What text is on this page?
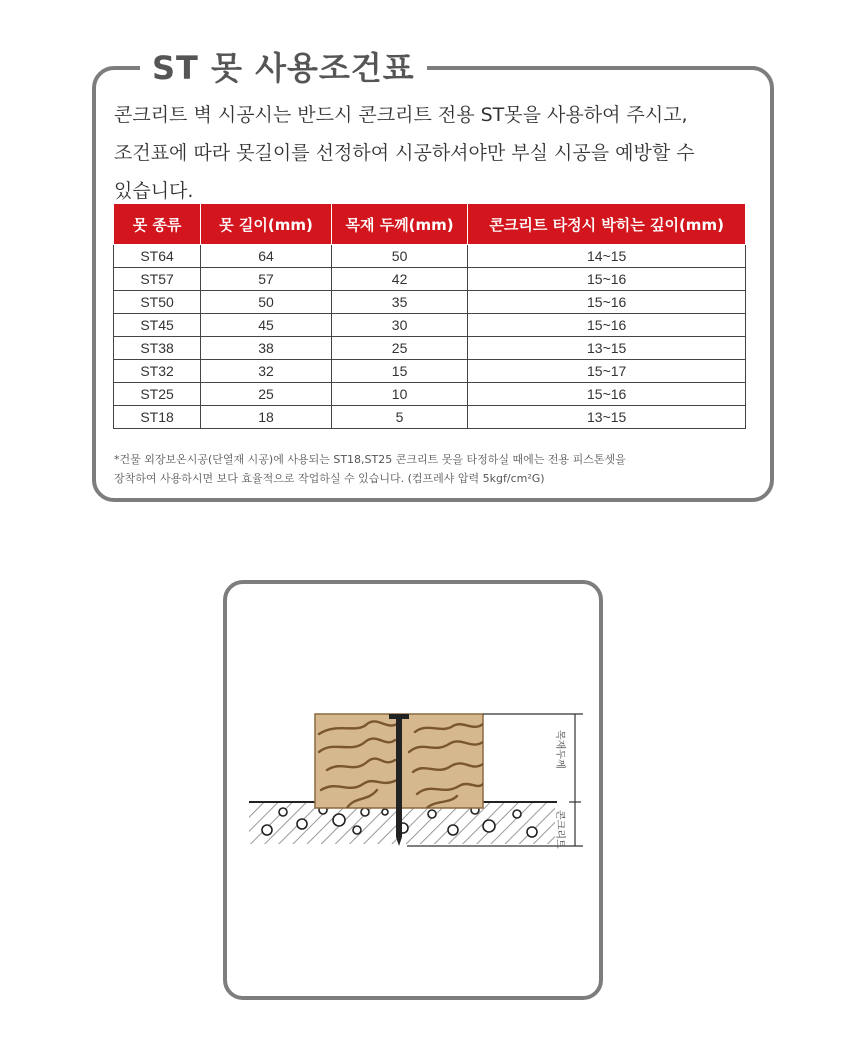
ST 못 사용조건표

콘크리트 벽 시공시는 반드시 콘크리트 전용 ST못을 사용하여 주시고,

조건표에 따라 못길이를 선정하여 시공하셔야만 부실 시공을 예방할 수

있습니다.

못 종류	못 길이(mm)	목재 두께(mm)	콘크리트 타정시 박히는 깊이(mm)
ST64	64	50	14~15
ST57	57	42	15~16
ST50	50	35	15~16
ST45	45	30	15~16
ST38	38	25	13~15
ST32	32	15	15~17
ST25	25	10	15~16
ST18	18	5	13~15

*건물 외장보온시공(단열재 시공)에 사용되는 ST18,ST25 콘크리트 못을 타정하실 때에는 전용 피스톤셋을

장착하여 사용하시면 보다 효율적으로 작업하실 수 있습니다. (컴프레샤 압력 5kgf/cm²G)

목재두께
콘크리트
